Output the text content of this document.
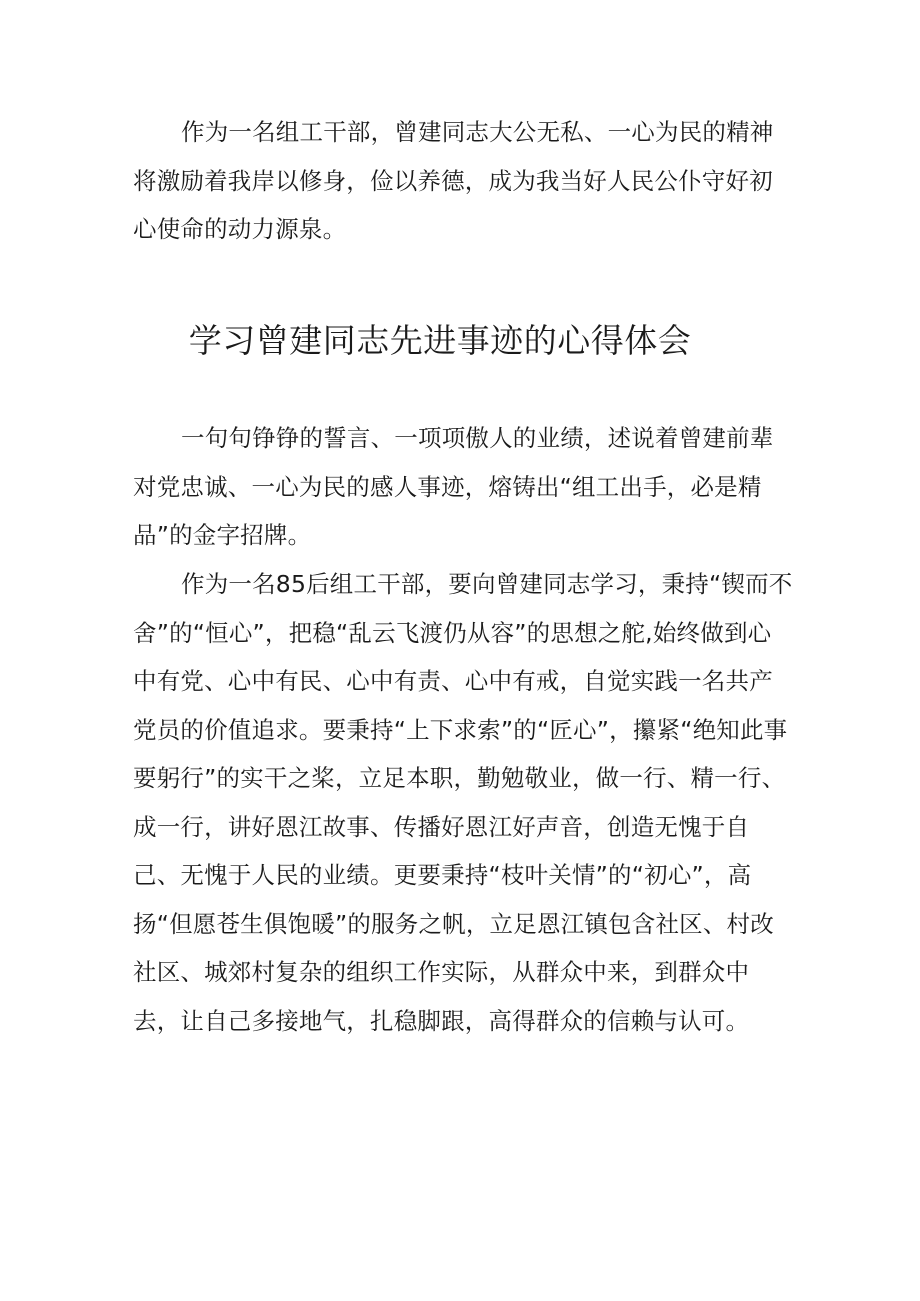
作为一名组工干部，曾建同志大公无私、一心为民的精神将激励着我岸以修身，俭以养德，成为我当好人民公仆守好初心使命的动力源泉。

学习曾建同志先进事迹的心得体会

一句句铮铮的誓言、一项项傲人的业绩，述说着曾建前辈对党忠诚、一心为民的感人事迹，熔铸出“组工出手，必是精品”的金字招牌。

作为一名85后组工干部，要向曾建同志学习，秉持“锲而不舍”的“恒心”，把稳“乱云飞渡仍从容”的思想之舵,始终做到心中有党、心中有民、心中有责、心中有戒，自觉实践一名共产党员的价值追求。要秉持“上下求索”的“匠心”，攥紧“绝知此事要躬行”的实干之桨，立足本职，勤勉敬业，做一行、精一行、成一行，讲好恩江故事、传播好恩江好声音，创造无愧于自己、无愧于人民的业绩。更要秉持“枝叶关情”的“初心”，高扬“但愿苍生俱饱暖”的服务之帆，立足恩江镇包含社区、村改社区、城郊村复杂的组织工作实际，从群众中来，到群众中去，让自己多接地气，扎稳脚跟，高得群众的信赖与认可。
